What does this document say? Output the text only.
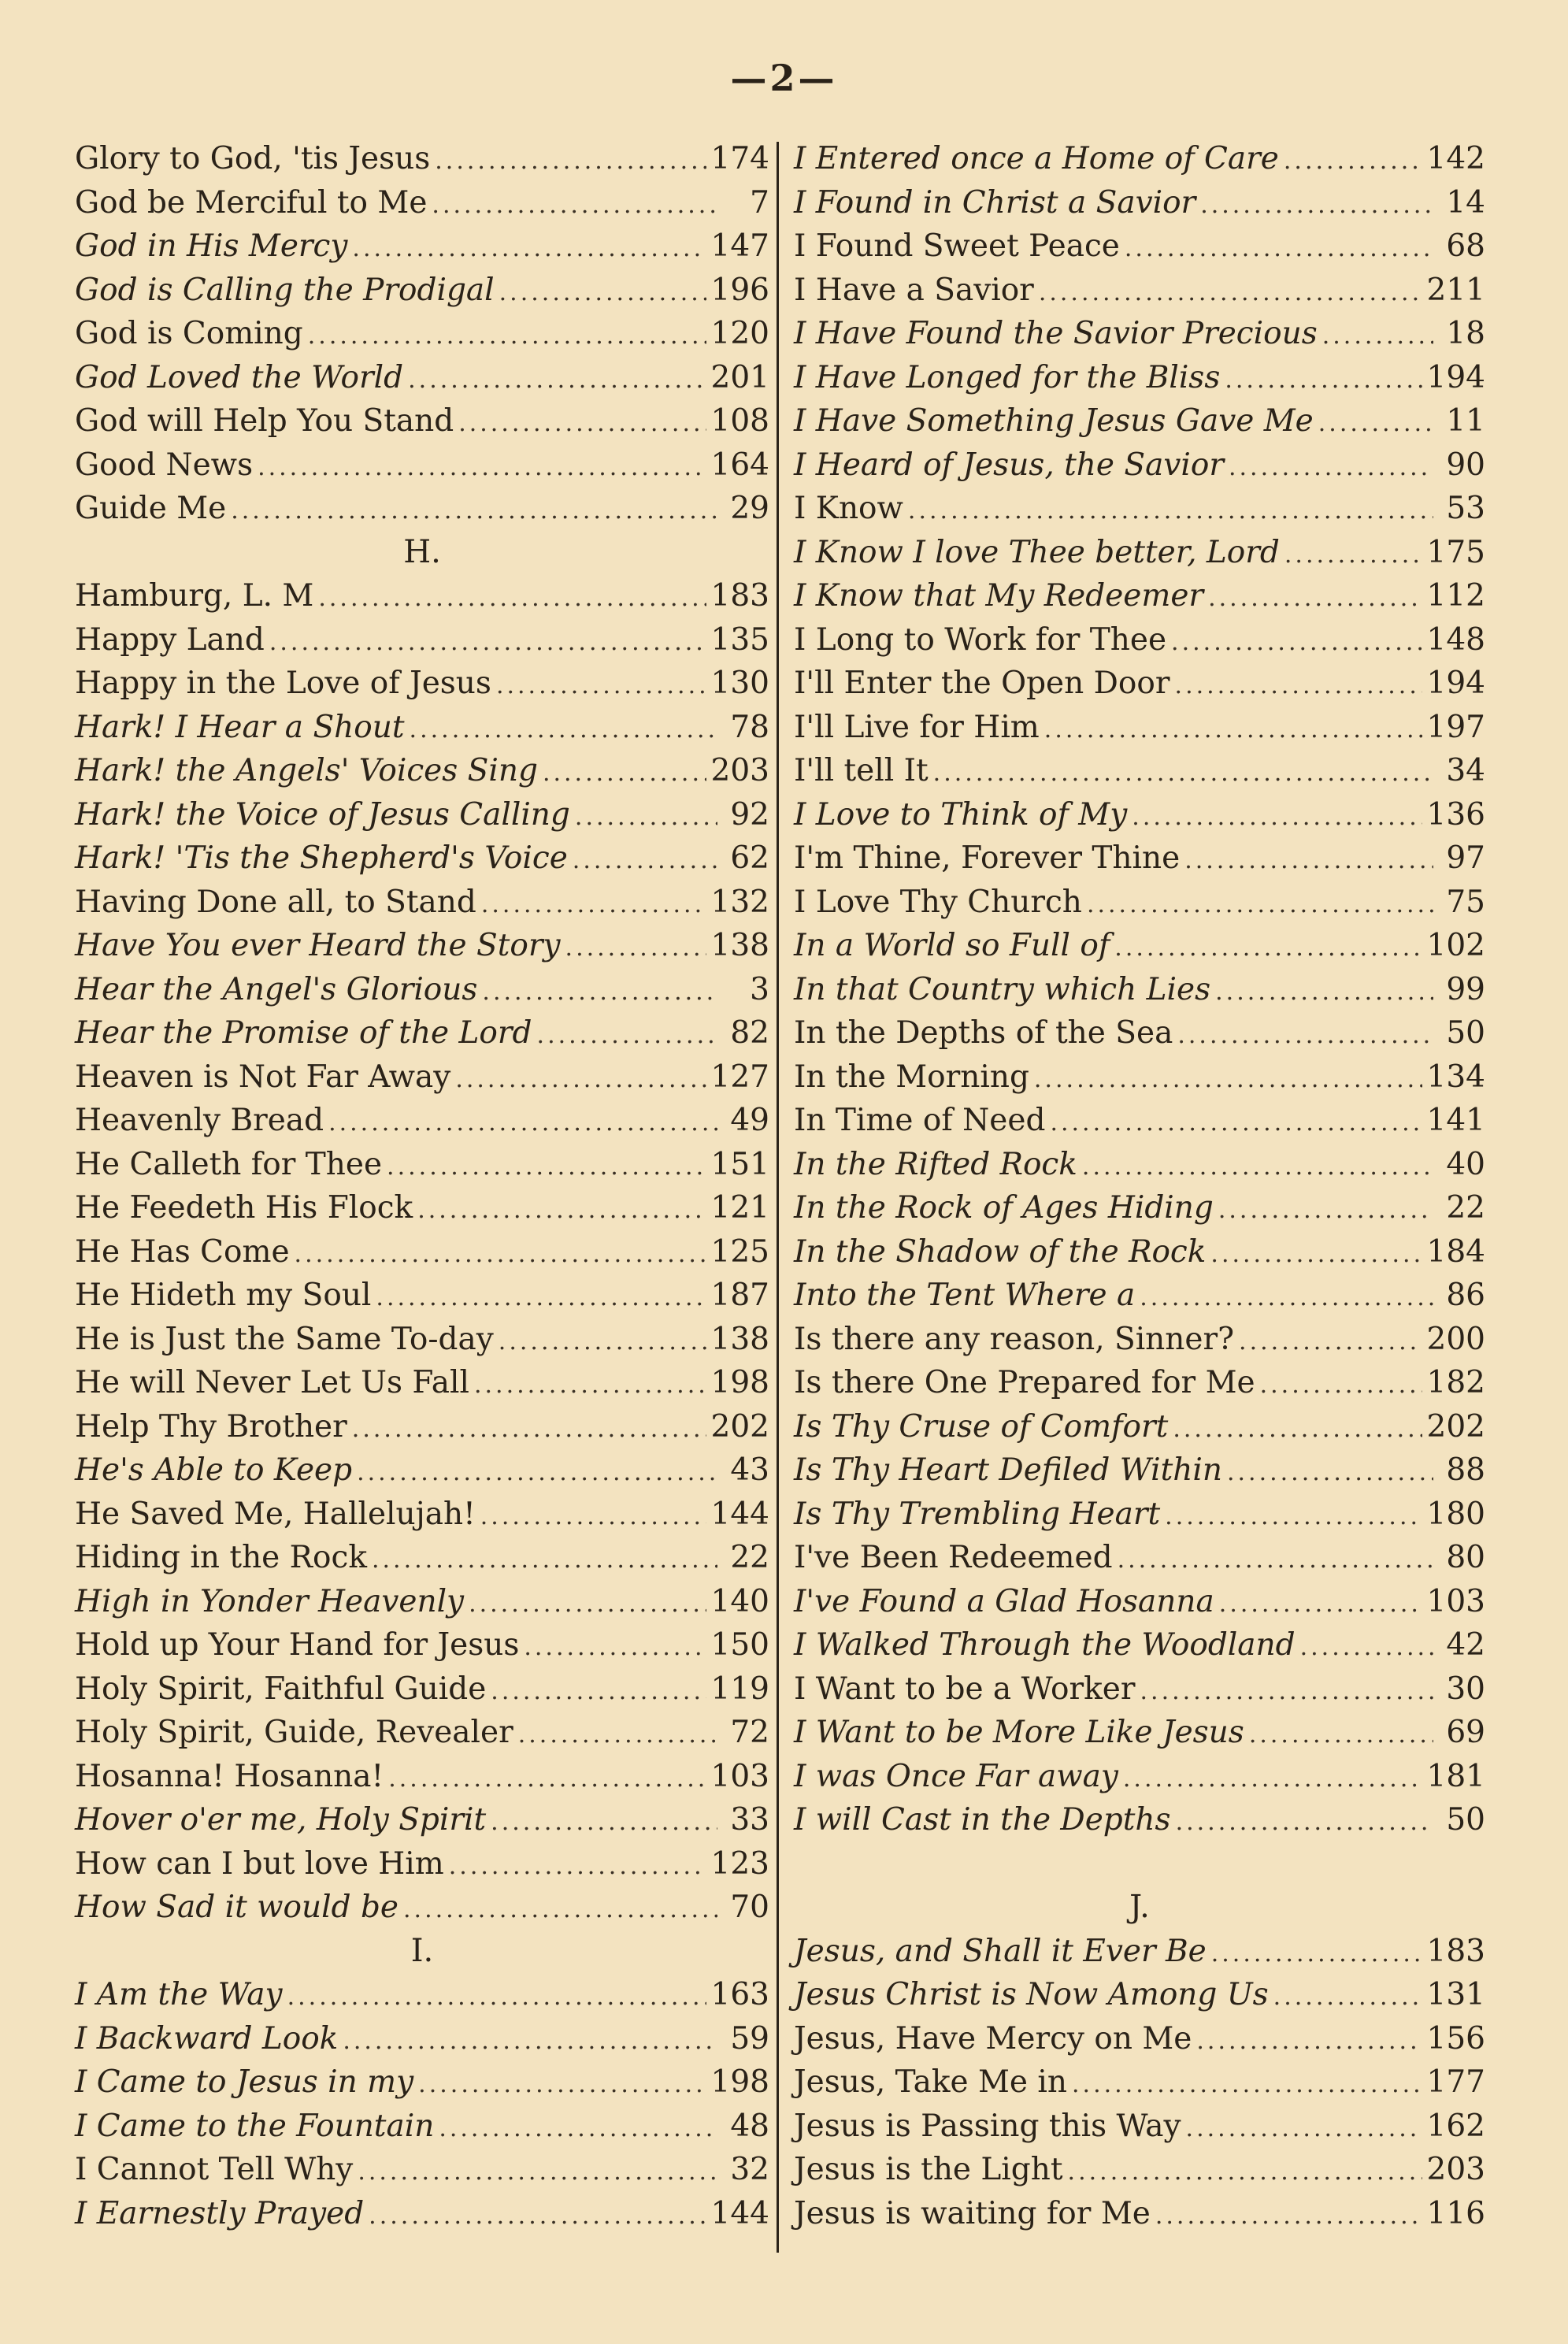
—2—
Glory to God, 'tis Jesus .....	174
God be Merciful to Me .....	7
God in His Mercy .....	147
God is Calling the Prodigal .....	196
God is Coming .....	120
God Loved the World .....	201
God will Help You Stand .....	108
Good News .....	164
Guide Me .....	29
H.
Hamburg, L. M .....	183
Happy Land .....	135
Happy in the Love of Jesus .....	130
Hark! I Hear a Shout .....	78
Hark! the Angels' Voices Sing .....	203
Hark! the Voice of Jesus Calling .....	92
Hark! 'Tis the Shepherd's Voice .....	62
Having Done all, to Stand .....	132
Have You ever Heard the Story .....	138
Hear the Angel's Glorious .....	3
Hear the Promise of the Lord .....	82
Heaven is Not Far Away .....	127
Heavenly Bread .....	49
He Calleth for Thee .....	151
He Feedeth His Flock .....	121
He Has Come .....	125
He Hideth my Soul .....	187
He is Just the Same To-day .....	138
He will Never Let Us Fall .....	198
Help Thy Brother .....	202
He's Able to Keep .....	43
He Saved Me, Hallelujah! .....	144
Hiding in the Rock .....	22
High in Yonder Heavenly .....	140
Hold up Your Hand for Jesus .....	150
Holy Spirit, Faithful Guide .....	119
Holy Spirit, Guide, Revealer .....	72
Hosanna! Hosanna! .....	103
Hover o'er me, Holy Spirit .....	33
How can I but love Him .....	123
How Sad it would be .....	70
I.
I Am the Way .....	163
I Backward Look .....	59
I Came to Jesus in my .....	198
I Came to the Fountain .....	48
I Cannot Tell Why .....	32
I Earnestly Prayed .....	144
I Entered once a Home of Care .....	142
I Found in Christ a Savior .....	14
I Found Sweet Peace .....	68
I Have a Savior .....	211
I Have Found the Savior Precious .....	18
I Have Longed for the Bliss .....	194
I Have Something Jesus Gave Me .....	11
I Heard of Jesus, the Savior .....	90
I Know .....	53
I Know I love Thee better, Lord .....	175
I Know that My Redeemer .....	112
I Long to Work for Thee .....	148
I'll Enter the Open Door .....	194
I'll Live for Him .....	197
I'll tell It .....	34
I Love to Think of My .....	136
I'm Thine, Forever Thine .....	97
I Love Thy Church .....	75
In a World so Full of .....	102
In that Country which Lies .....	99
In the Depths of the Sea .....	50
In the Morning .....	134
In Time of Need .....	141
In the Rifted Rock .....	40
In the Rock of Ages Hiding .....	22
In the Shadow of the Rock .....	184
Into the Tent Where a .....	86
Is there any reason, Sinner? .....	200
Is there One Prepared for Me .....	182
Is Thy Cruse of Comfort .....	202
Is Thy Heart Defiled Within .....	88
Is Thy Trembling Heart .....	180
I've Been Redeemed .....	80
I've Found a Glad Hosanna .....	103
I Walked Through the Woodland .....	42
I Want to be a Worker .....	30
I Want to be More Like Jesus .....	69
I was Once Far away .....	181
I will Cast in the Depths .....	50
J.
Jesus, and Shall it Ever Be .....	183
Jesus Christ is Now Among Us .....	131
Jesus, Have Mercy on Me .....	156
Jesus, Take Me in .....	177
Jesus is Passing this Way .....	162
Jesus is the Light .....	203
Jesus is waiting for Me .....	116
